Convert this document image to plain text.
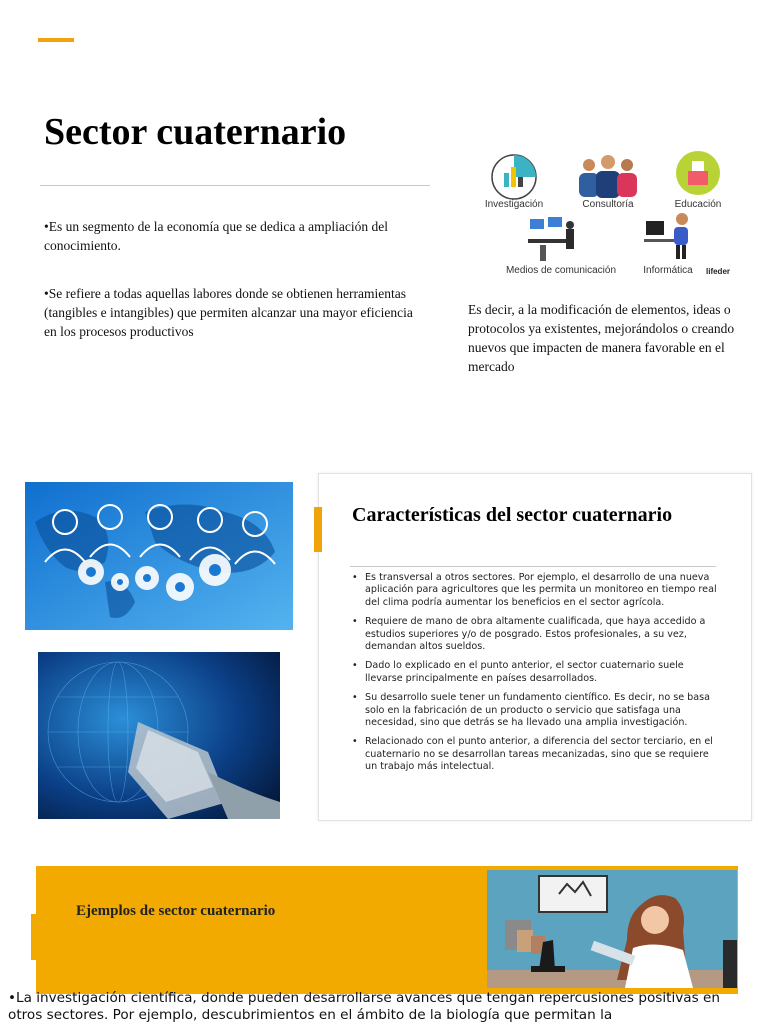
Sector cuaternario

•Es un segmento de la economía que se dedica a ampliación del conocimiento.

•Se refiere a todas aquellas labores donde se obtienen herramientas (tangibles e intangibles) que permiten alcanzar una mayor eficiencia en los procesos productivos

Investigación	Consultoría	Educación
Medios de comunicación	Informática	lifeder

Es decir, a la modificación de elementos, ideas o protocolos ya existentes, mejorándolos o creando nuevos que impacten de manera favorable en el mercado

Características del sector cuaternario
• Es transversal a otros sectores. Por ejemplo, el desarrollo de una nueva aplicación para agricultores que les permita un monitoreo en tiempo real del clima podría aumentar los beneficios en el sector agrícola.
• Requiere de mano de obra altamente cualificada, que haya accedido a estudios superiores y/o de posgrado. Estos profesionales, a su vez, demandan altos sueldos.
• Dado lo explicado en el punto anterior, el sector cuaternario suele llevarse principalmente en países desarrollados.
• Su desarrollo suele tener un fundamento científico. Es decir, no se basa solo en la fabricación de un producto o servicio que satisfaga una necesidad, sino que detrás se ha llevado una amplia investigación.
• Relacionado con el punto anterior, a diferencia del sector terciario, en el cuaternario no se desarrollan tareas mecanizadas, sino que se requiere un trabajo más intelectual.
Ejemplos de sector cuaternario

•La investigación científica, donde pueden desarrollarse avances que tengan repercusiones positivas en otros sectores. Por ejemplo, descubrimientos en el ámbito de la biología que permitan la
